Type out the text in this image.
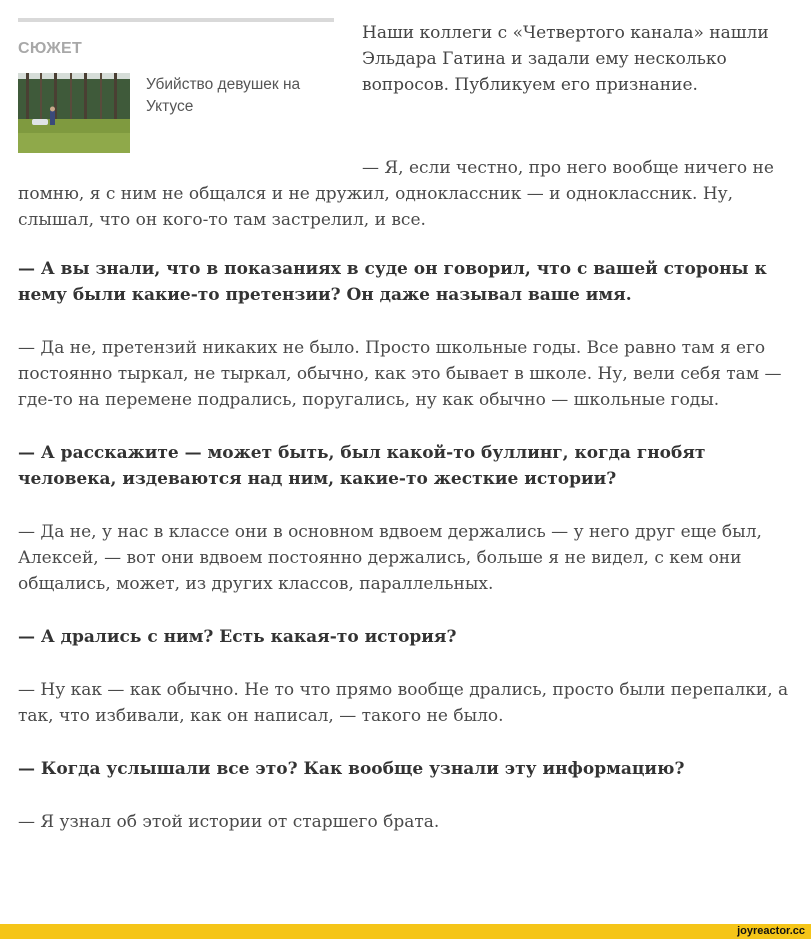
СЮЖЕТ
Убийство девушек на Уктусе

Наши коллеги с «Четвертого канала» нашли Эльдара Гатина и задали ему несколько вопросов. Публикуем его признание.

— Я, если честно, про него вообще ничего не помню, я с ним не общался и не дружил, одноклассник — и одноклассник. Ну, слышал, что он кого-то там застрелил, и все.

— А вы знали, что в показаниях в суде он говорил, что с вашей стороны к нему были какие-то претензии? Он даже называл ваше имя.

— Да не, претензий никаких не было. Просто школьные годы. Все равно там я его постоянно тыркал, не тыркал, обычно, как это бывает в школе. Ну, вели себя там — где-то на перемене подрались, поругались, ну как обычно — школьные годы.

— А расскажите — может быть, был какой-то буллинг, когда гнобят человека, издеваются над ним, какие-то жесткие истории?

— Да не, у нас в классе они в основном вдвоем держались — у него друг еще был, Алексей, — вот они вдвоем постоянно держались, больше я не видел, с кем они общались, может, из других классов, параллельных.

— А дрались с ним? Есть какая-то история?

— Ну как — как обычно. Не то что прямо вообще дрались, просто были перепалки, а так, что избивали, как он написал, — такого не было.

— Когда услышали все это? Как вообще узнали эту информацию?

— Я узнал об этой истории от старшего брата.

joyreactor.cc
